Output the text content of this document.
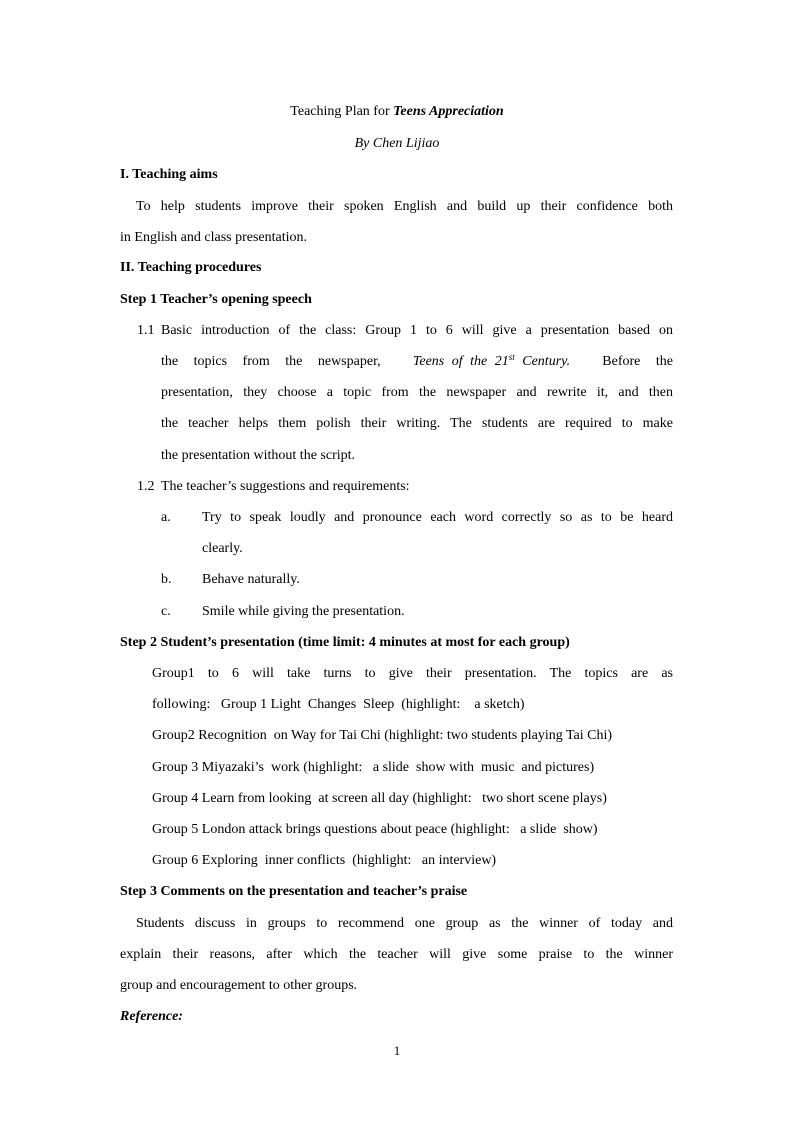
Teaching Plan for Teens Appreciation
By Chen Lijiao
I. Teaching aims
To help students improve their spoken English and build up their confidence both
in English and class presentation.
II. Teaching procedures
Step 1 Teacher’s opening speech
1.1 Basic introduction of the class: Group 1 to 6 will give a presentation based on
the topics from the newspaper, Teens of the 21st Century. Before the
presentation, they choose a topic from the newspaper and rewrite it, and then
the teacher helps them polish their writing. The students are required to make
the presentation without the script.
1.2 The teacher’s suggestions and requirements:
a. Try to speak loudly and pronounce each word correctly so as to be heard
clearly.
b. Behave naturally.
c. Smile while giving the presentation.
Step 2 Student’s presentation (time limit: 4 minutes at most for each group)
Group1 to 6 will take turns to give their presentation. The topics are as
following:   Group 1 Light  Changes  Sleep  (highlight:    a sketch)
Group2 Recognition  on Way for Tai Chi (highlight: two students playing Tai Chi)
Group 3 Miyazaki’s  work (highlight:   a slide  show with  music  and pictures)
Group 4 Learn from looking  at screen all day (highlight:   two short scene plays)
Group 5 London attack brings questions about peace (highlight:   a slide  show)
Group 6 Exploring  inner conflicts  (highlight:   an interview)
Step 3 Comments on the presentation and teacher’s praise
Students discuss in groups to recommend one group as the winner of today and
explain their reasons, after which the teacher will give some praise to the winner
group and encouragement to other groups.
Reference:
1
